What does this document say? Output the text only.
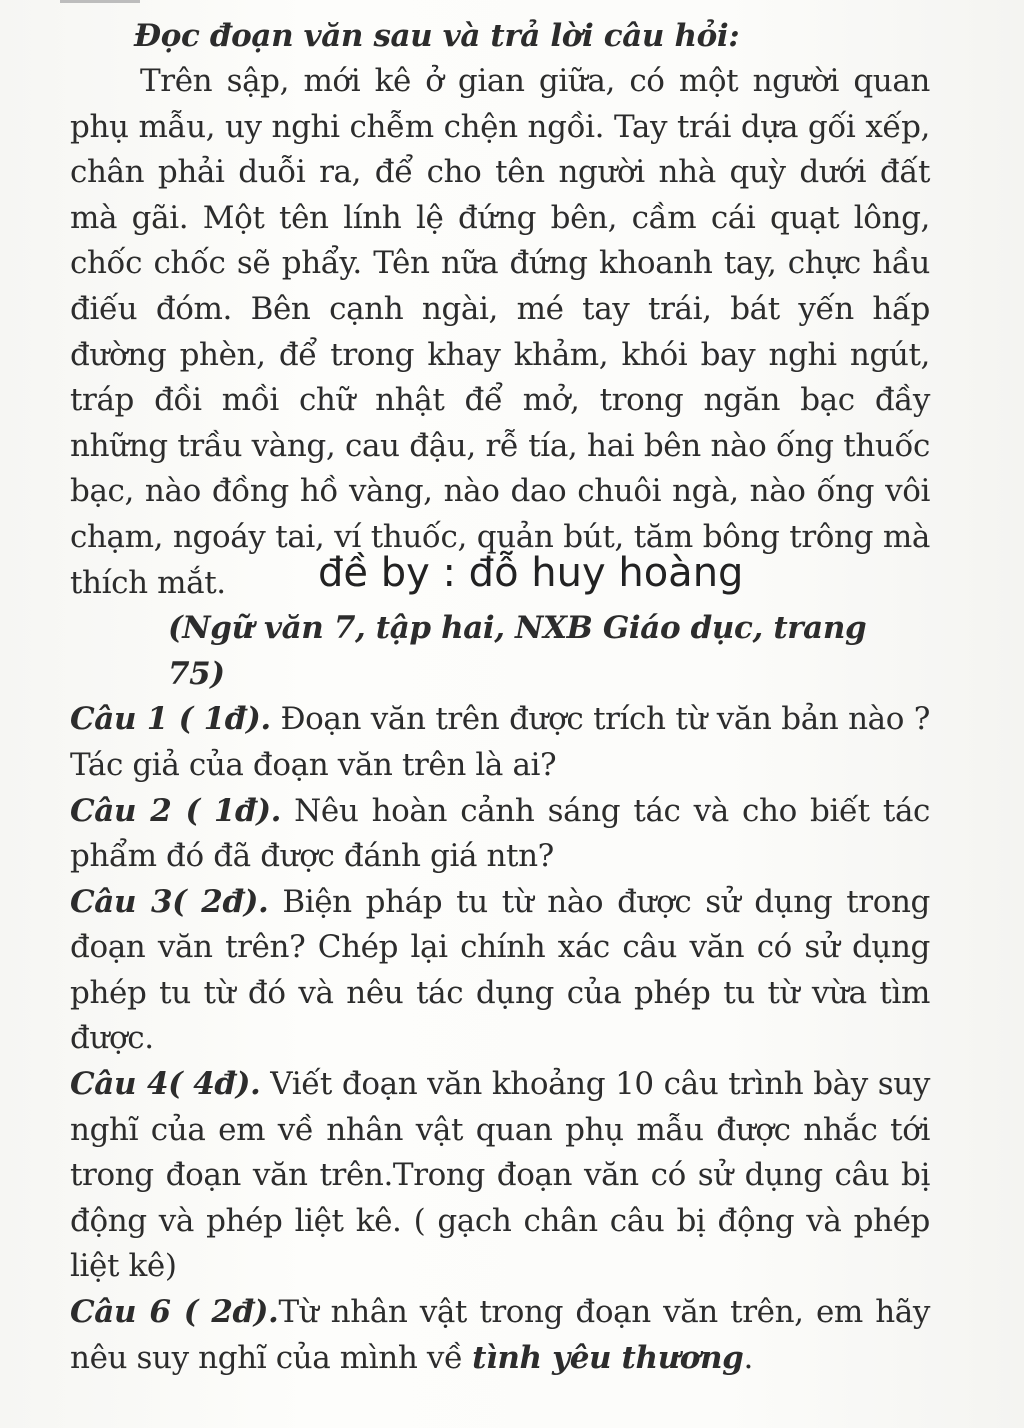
Đọc đoạn văn sau và trả lời câu hỏi:

Trên sập, mới kê ở gian giữa, có một người quan phụ mẫu, uy nghi chễm chện ngồi. Tay trái dựa gối xếp, chân phải duỗi ra, để cho tên người nhà quỳ dưới đất mà gãi. Một tên lính lệ đứng bên, cầm cái quạt lông, chốc chốc sẽ phẩy. Tên nữa đứng khoanh tay, chực hầu điếu đóm. Bên cạnh ngài, mé tay trái, bát yến hấp đường phèn, để trong khay khảm, khói bay nghi ngút, tráp đồi mồi chữ nhật để mở, trong ngăn bạc đầy những trầu vàng, cau đậu, rễ tía, hai bên nào ống thuốc bạc, nào đồng hồ vàng, nào dao chuôi ngà, nào ống vôi chạm, ngoáy tai, ví thuốc, quản bút, tăm bông trông mà thích mắt.

(Ngữ văn 7, tập hai, NXB Giáo dục, trang 75)

Câu 1 ( 1đ). Đoạn văn trên được trích từ văn bản nào ? Tác giả của đoạn văn trên là ai?

Câu 2 ( 1đ). Nêu hoàn cảnh sáng tác và cho biết tác phẩm đó đã được đánh giá ntn?

Câu 3( 2đ). Biện pháp tu từ nào được sử dụng trong đoạn văn trên? Chép lại chính xác câu văn có sử dụng phép tu từ đó và nêu tác dụng của phép tu từ vừa tìm được.

Câu 4( 4đ). Viết đoạn văn khoảng 10 câu trình bày suy nghĩ của em về nhân vật quan phụ mẫu được nhắc tới trong đoạn văn trên.Trong đoạn văn có sử dụng câu bị động và phép liệt kê. ( gạch chân câu bị động và phép liệt kê)

Câu 6 ( 2đ).Từ nhân vật trong đoạn văn trên, em hãy nêu suy nghĩ của mình về tình yêu thương.

đề by : đỗ huy hoàng
